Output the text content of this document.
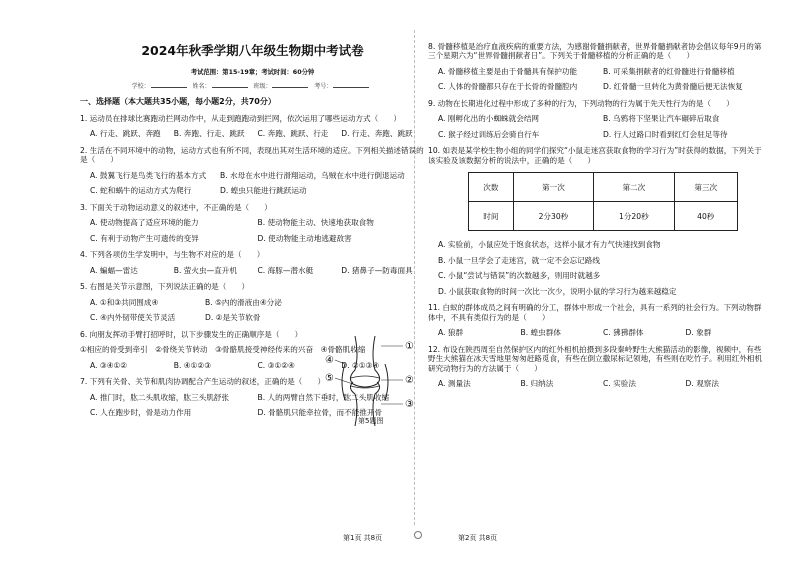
2024年秋季学期八年级生物期中考试卷
考试范围：第15-19章；考试时间：60分钟
学校：	姓名：	班级：	考号：
一、选择题（本大题共35小题，每小题2分，共70分）
1. 运动员在排球比赛跑动拦网动作中，从走到跑跑动到拦网，依次运用了哪些运动方式（　　）
A. 行走、跳跃、奔跑	B. 奔跑、行走、跳跃	C. 奔跑、跳跃、行走	D. 行走、奔跑、跳跃
2. 生活在不同环境中的动物，运动方式也有所不同，表现出其对生活环境的适应。下列相关描述错误的是（　　）
A. 鼓翼飞行是鸟类飞行的基本方式	B. 水母在水中进行滑翔运动，乌贼在水中进行倒退运动
C. 蛇和蜗牛的运动方式为爬行	D. 蝗虫只能进行跳跃运动
3. 下面关于动物运动意义的叙述中，不正确的是（　　）
A. 使动物提高了适应环境的能力	B. 使动物能主动、快速地获取食物
C. 有利于动物产生可遗传的变异	D. 使动物能主动地逃避敌害
4. 下列各项仿生学发明中，与生物不对应的是（　　）
A. 蝙蝠—雷达	B. 萤火虫—直升机	C. 海豚—潜水艇	D. 猪鼻子—防毒面具
5. 右图是关节示意图，下列说法正确的是（　　）
A. ①和③共同围成④	B. ⑤内的滑液由④分泌
C. ④内外韧带使关节灵活	D. ②是关节软骨
6. 向朋友挥动手臂打招呼时，以下步骤发生的正确顺序是（　　）
①相应的骨受到牵引　②骨绕关节转动　③骨骼肌接受神经传来的兴奋　④骨骼肌收缩
A. ③④①②	B. ④①②③	C. ③①②④	D. ②①③④
7. 下列有关骨、关节和肌肉协调配合产生运动的叙述，正确的是（　　）
A. 推门时，肱二头肌收缩，肱三头肌舒张	B. 人的两臂自然下垂时，肱二头肌收缩
C. 人在跑步时，骨是动力作用	D. 骨骼肌只能牵拉骨，而不能推开骨
①
②
③
④
⑤
第5题图
8. 骨髓移植是治疗血液疾病的重要方法，为感谢骨髓捐献者，世界骨髓捐献者协会倡议每年9月的第三个星期六为“世界骨髓捐献者日”。下列关于骨髓移植的分析正确的是（　　）
A. 骨髓移植主要是由于骨髓具有保护功能	B. 可采集捐献者的红骨髓进行骨髓移植
C. 人体的骨髓都只存在于长骨的骨髓腔内	D. 红骨髓一旦转化为黄骨髓后便无法恢复
9. 动物在长期进化过程中形成了多种的行为，下列动物的行为属于先天性行为的是（　　）
A. 刚孵化出的小蜘蛛就会结网	B. 乌鸦将下坚果让汽车碾碎后取食
C. 猴子经过训练后会骑自行车	D. 行人过路口时看到红灯会驻足等待
10. 如表是某学校生物小组的同学们探究“小鼠走迷宫获取食物的学习行为”时获得的数据，下列关于该实验及该数据分析的说法中，正确的是（　　）
次数	第一次	第二次	第三次
时间	2分30秒	1分20秒	40秒
A. 实验前，小鼠应处于饱食状态，这样小鼠才有力气快速找到食物
B. 小鼠一旦学会了走迷宫，就一定不会忘记路线
C. 小鼠“尝试与错误”的次数越多，则用时就越多
D. 小鼠获取食物的时间一次比一次少，说明小鼠的学习行为越来越稳定
11. 白蚁的群体成员之间有明确的分工，群体中形成一个社会，具有一系列的社会行为。下列动物群体中，不具有类似行为的是（　　）
A. 狼群	B. 蝗虫群体	C. 狒狒群体	D. 象群
12. 布设在陕西周至自然保护区内的红外相机拍摄到多段秦岭野生大熊猫活动的影像，视频中，有些野生大熊猫在冰天雪地里匆匆赶路觅食，有些在倒立撒尿标记领地，有些则在吃竹子。利用红外相机研究动物行为的方法属于（　　）
A. 测量法	B. 归纳法	C. 实验法	D. 观察法
第1页 共8页	第2页 共8页
